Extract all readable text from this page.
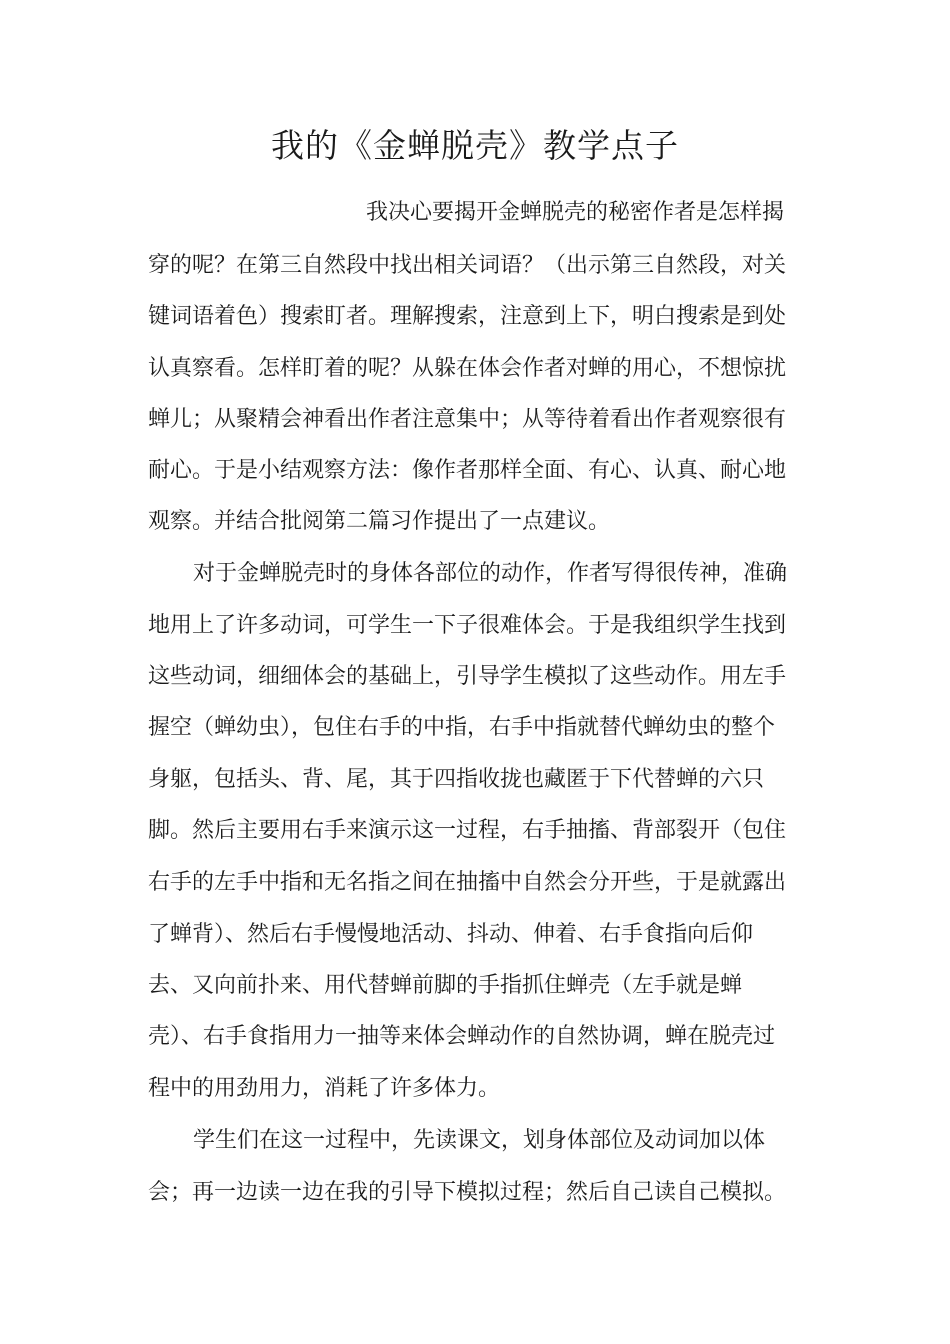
我的《金蝉脱壳》教学点子

我决心要揭开金蝉脱壳的秘密作者是怎样揭

穿的呢？在第三自然段中找出相关词语？（出示第三自然段，对关

键词语着色）搜索盯者。理解搜索，注意到上下，明白搜索是到处

认真察看。怎样盯着的呢？从躲在体会作者对蝉的用心，不想惊扰

蝉儿；从聚精会神看出作者注意集中；从等待着看出作者观察很有

耐心。于是小结观察方法：像作者那样全面、有心、认真、耐心地

观察。并结合批阅第二篇习作提出了一点建议。

对于金蝉脱壳时的身体各部位的动作，作者写得很传神，准确

地用上了许多动词，可学生一下子很难体会。于是我组织学生找到

这些动词，细细体会的基础上，引导学生模拟了这些动作。用左手

握空（蝉幼虫），包住右手的中指，右手中指就替代蝉幼虫的整个

身躯，包括头、背、尾，其于四指收拢也藏匿于下代替蝉的六只

脚。然后主要用右手来演示这一过程，右手抽搐、背部裂开（包住

右手的左手中指和无名指之间在抽搐中自然会分开些，于是就露出

了蝉背）、然后右手慢慢地活动、抖动、伸着、右手食指向后仰

去、又向前扑来、用代替蝉前脚的手指抓住蝉壳（左手就是蝉

壳）、右手食指用力一抽等来体会蝉动作的自然协调，蝉在脱壳过

程中的用劲用力，消耗了许多体力。

学生们在这一过程中，先读课文，划身体部位及动词加以体

会；再一边读一边在我的引导下模拟过程；然后自己读自己模拟。
